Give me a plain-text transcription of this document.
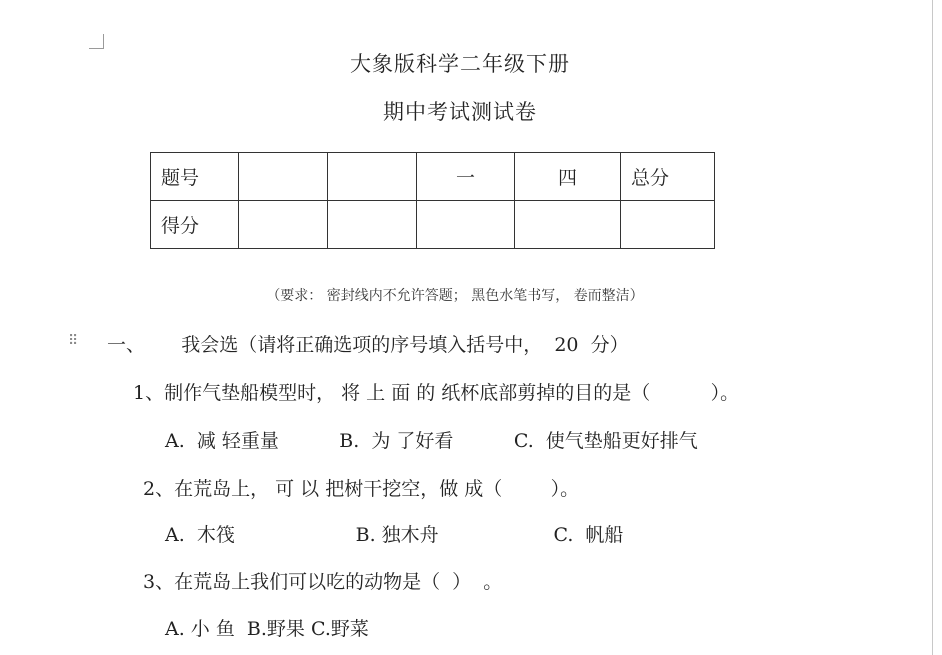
大象版科学二年级下册
期中考试测试卷
题号			一	四	总分
得分					
（要求： 密封线内不允许答题； 黑色水笔书写， 卷而整洁）
⠿ 一、 我会选（请将正确选项的序号填入括号中，  20  分）
1、制作气垫船模型时， 将 上 面 的 纸杯底部剪掉的目的是（          ）。
A.  减 轻重量	B.  为 了好看	C.  使气垫船更好排气
2、在荒岛上， 可 以 把树干挖空，做 成（        ）。
A.  木筏	B. 独木舟	C.  帆船
3、在荒岛上我们可以吃的动物是（  ）  。
A. 小 鱼  B.野果 C.野菜
